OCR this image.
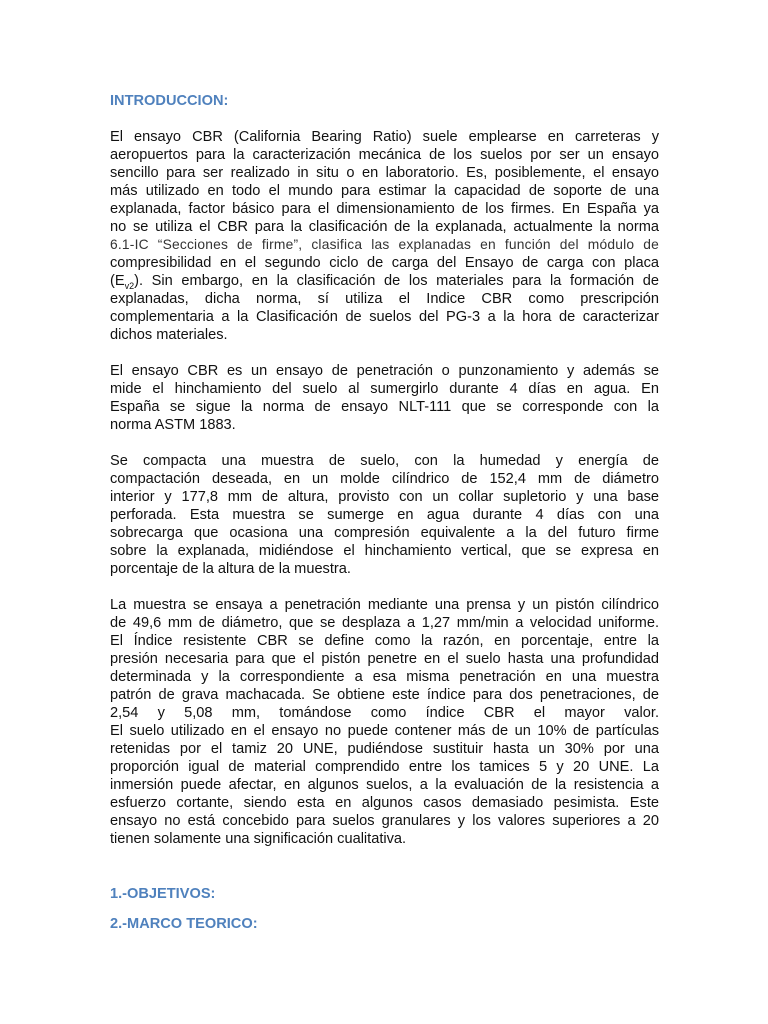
INTRODUCCION:
El ensayo CBR (California Bearing Ratio) suele emplearse en carreteras y
aeropuertos para la caracterización mecánica de los suelos por ser un ensayo
sencillo para ser realizado in situ o en laboratorio. Es, posiblemente, el ensayo
más utilizado en todo el mundo para estimar la capacidad de soporte de una
explanada, factor básico para el dimensionamiento de los firmes. En España ya
no se utiliza el CBR para la clasificación de la explanada, actualmente la norma
6.1-IC “Secciones de firme”, clasifica las explanadas en función del módulo de
compresibilidad en el segundo ciclo de carga del Ensayo de carga con placa
$(E_{v2})$. Sin embargo, en la clasificación de los materiales para la formación de
explanadas, dicha norma, sí utiliza el Indice CBR como prescripción
complementaria a la Clasificación de suelos del PG-3 a la hora de caracterizar
dichos materiales.
El ensayo CBR es un ensayo de penetración o punzonamiento y además se
mide el hinchamiento del suelo al sumergirlo durante 4 días en agua. En
España se sigue la norma de ensayo NLT-111 que se corresponde con la
norma ASTM 1883.
Se compacta una muestra de suelo, con la humedad y energía de
compactación deseada, en un molde cilíndrico de 152,4 mm de diámetro
interior y 177,8 mm de altura, provisto con un collar supletorio y una base
perforada. Esta muestra se sumerge en agua durante 4 días con una
sobrecarga que ocasiona una compresión equivalente a la del futuro firme
sobre la explanada, midiéndose el hinchamiento vertical, que se expresa en
porcentaje de la altura de la muestra.
La muestra se ensaya a penetración mediante una prensa y un pistón cilíndrico
de 49,6 mm de diámetro, que se desplaza a 1,27 mm/min a velocidad uniforme.
El Índice resistente CBR se define como la razón, en porcentaje, entre la
presión necesaria para que el pistón penetre en el suelo hasta una profundidad
determinada y la correspondiente a esa misma penetración en una muestra
patrón de grava machacada. Se obtiene este índice para dos penetraciones, de
2,54 y 5,08 mm, tomándose como índice CBR el mayor valor.
El suelo utilizado en el ensayo no puede contener más de un 10% de partículas
retenidas por el tamiz 20 UNE, pudiéndose sustituir hasta un 30% por una
proporción igual de material comprendido entre los tamices 5 y 20 UNE. La
inmersión puede afectar, en algunos suelos, a la evaluación de la resistencia a
esfuerzo cortante, siendo esta en algunos casos demasiado pesimista. Este
ensayo no está concebido para suelos granulares y los valores superiores a 20
tienen solamente una significación cualitativa.
1.-OBJETIVOS:
2.-MARCO TEORICO:
